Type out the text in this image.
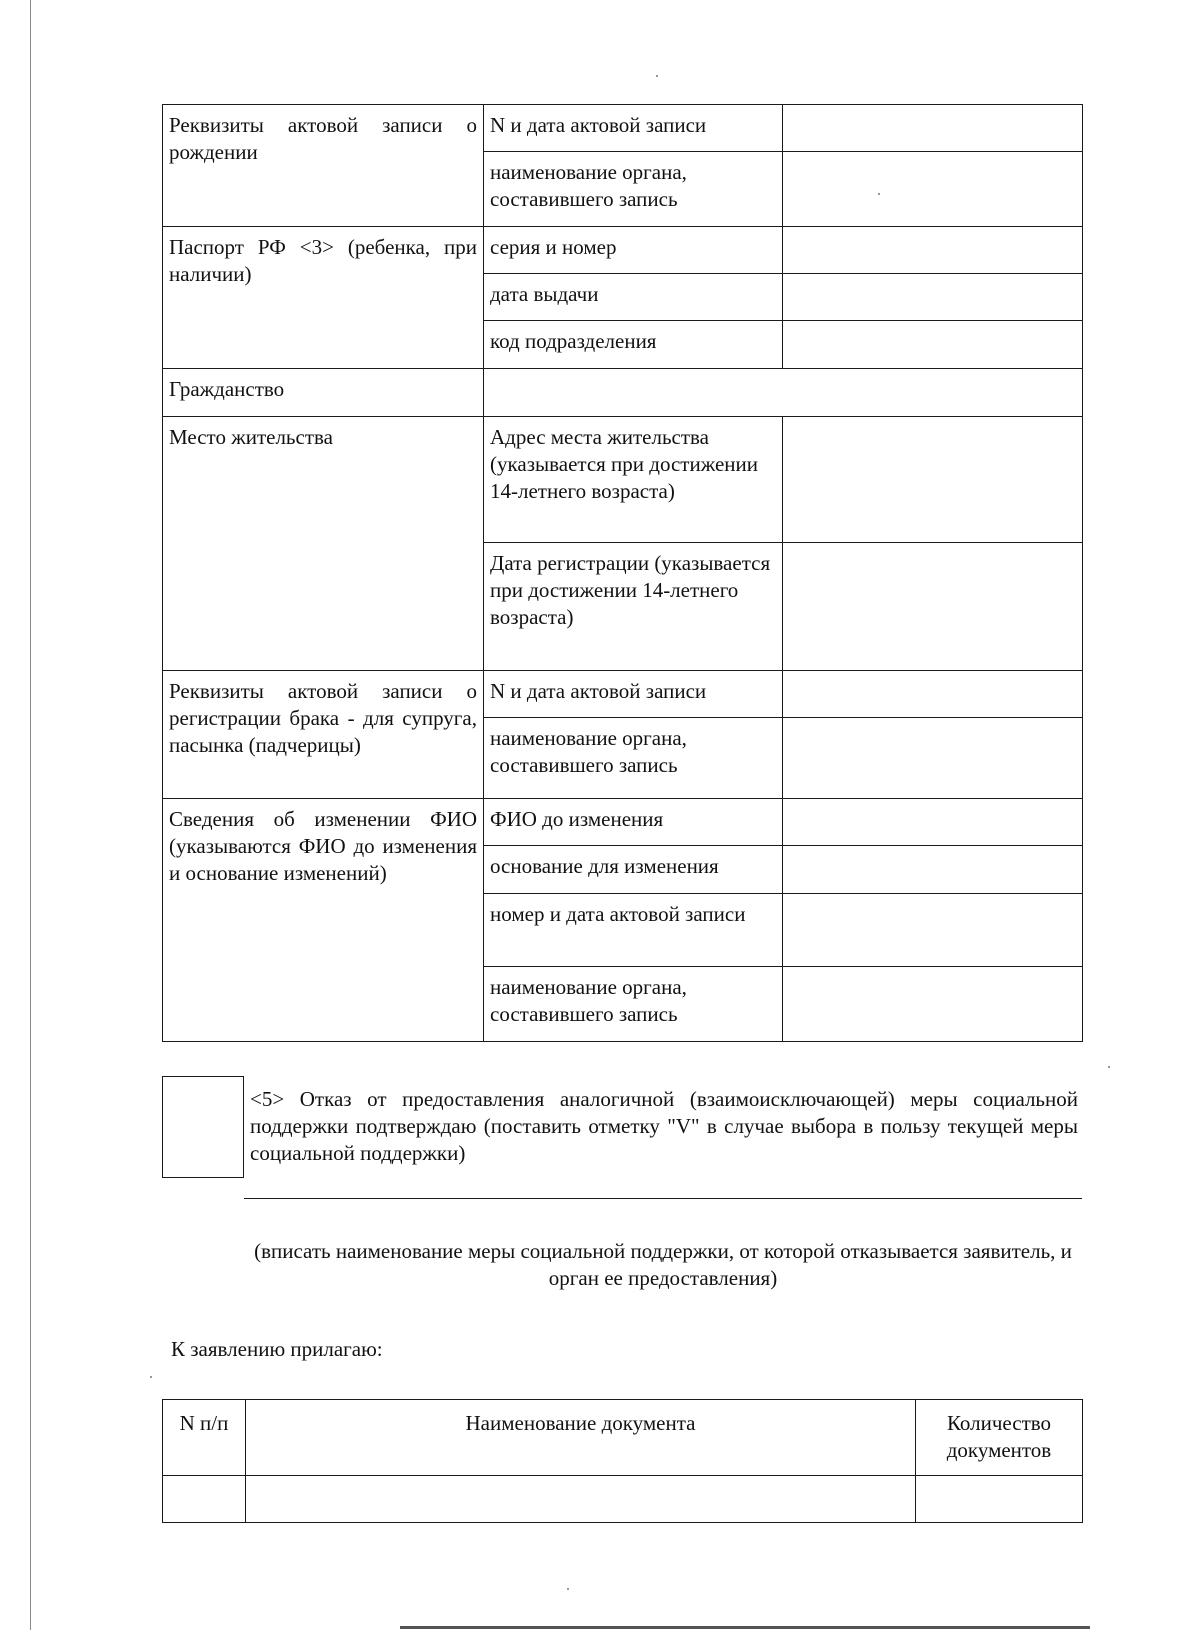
Реквизиты актовой записи о рождении	N и дата актовой записи	
	наименование органа, составившего запись	
Паспорт РФ <3> (ребенка, при наличии)	серия и номер	
	дата выдачи	
	код подразделения	
Гражданство		
Место жительства	Адрес места жительства (указывается при достижении 14-летнего возраста)	
	Дата регистрации (указывается при достижении 14-летнего возраста)	
Реквизиты актовой записи о регистрации брака - для супруга, пасынка (падчерицы)	N и дата актовой записи	
	наименование органа, составившего запись	
Сведения об изменении ФИО (указываются ФИО до изменения и основание изменений)	ФИО до изменения	
	основание для изменения	
	номер и дата актовой записи	
	наименование органа, составившего запись	
<5> Отказ от предоставления аналогичной (взаимоисключающей) меры социальной поддержки подтверждаю (поставить отметку "V" в случае выбора в пользу текущей меры социальной поддержки)
(вписать наименование меры социальной поддержки, от которой отказывается заявитель, и орган ее предоставления)
К заявлению прилагаю:
N п/п	Наименование документа	Количество документов
